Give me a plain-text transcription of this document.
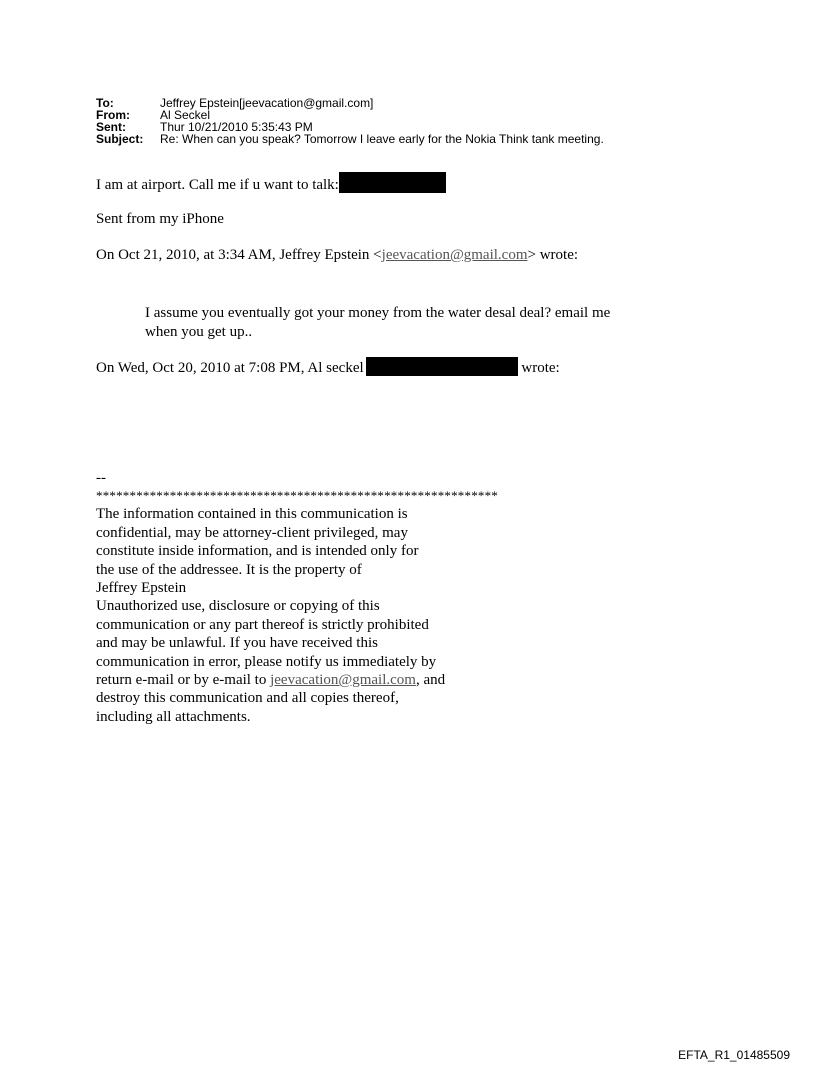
To:	Jeffrey Epstein[jeevacation@gmail.com]
From:	Al Seckel
Sent:	Thur 10/21/2010 5:35:43 PM
Subject:	Re: When can you speak? Tomorrow I leave early for the Nokia Think tank meeting.
I am at airport. Call me if u want to talk:
Sent from my iPhone
On Oct 21, 2010, at 3:34 AM, Jeffrey Epstein <jeevacation@gmail.com> wrote:
I assume you eventually got your money from the water desal deal? email me
when you get up..
On Wed, Oct 20, 2010 at 7:08 PM, Al seckel	wrote:
--
************************************************************
The information contained in this communication is
confidential, may be attorney-client privileged, may
constitute inside information, and is intended only for
the use of the addressee. It is the property of
Jeffrey Epstein
Unauthorized use, disclosure or copying of this
communication or any part thereof is strictly prohibited
and may be unlawful. If you have received this
communication in error, please notify us immediately by
return e-mail or by e-mail to jeevacation@gmail.com, and
destroy this communication and all copies thereof,
including all attachments.
EFTA_R1_01485509
